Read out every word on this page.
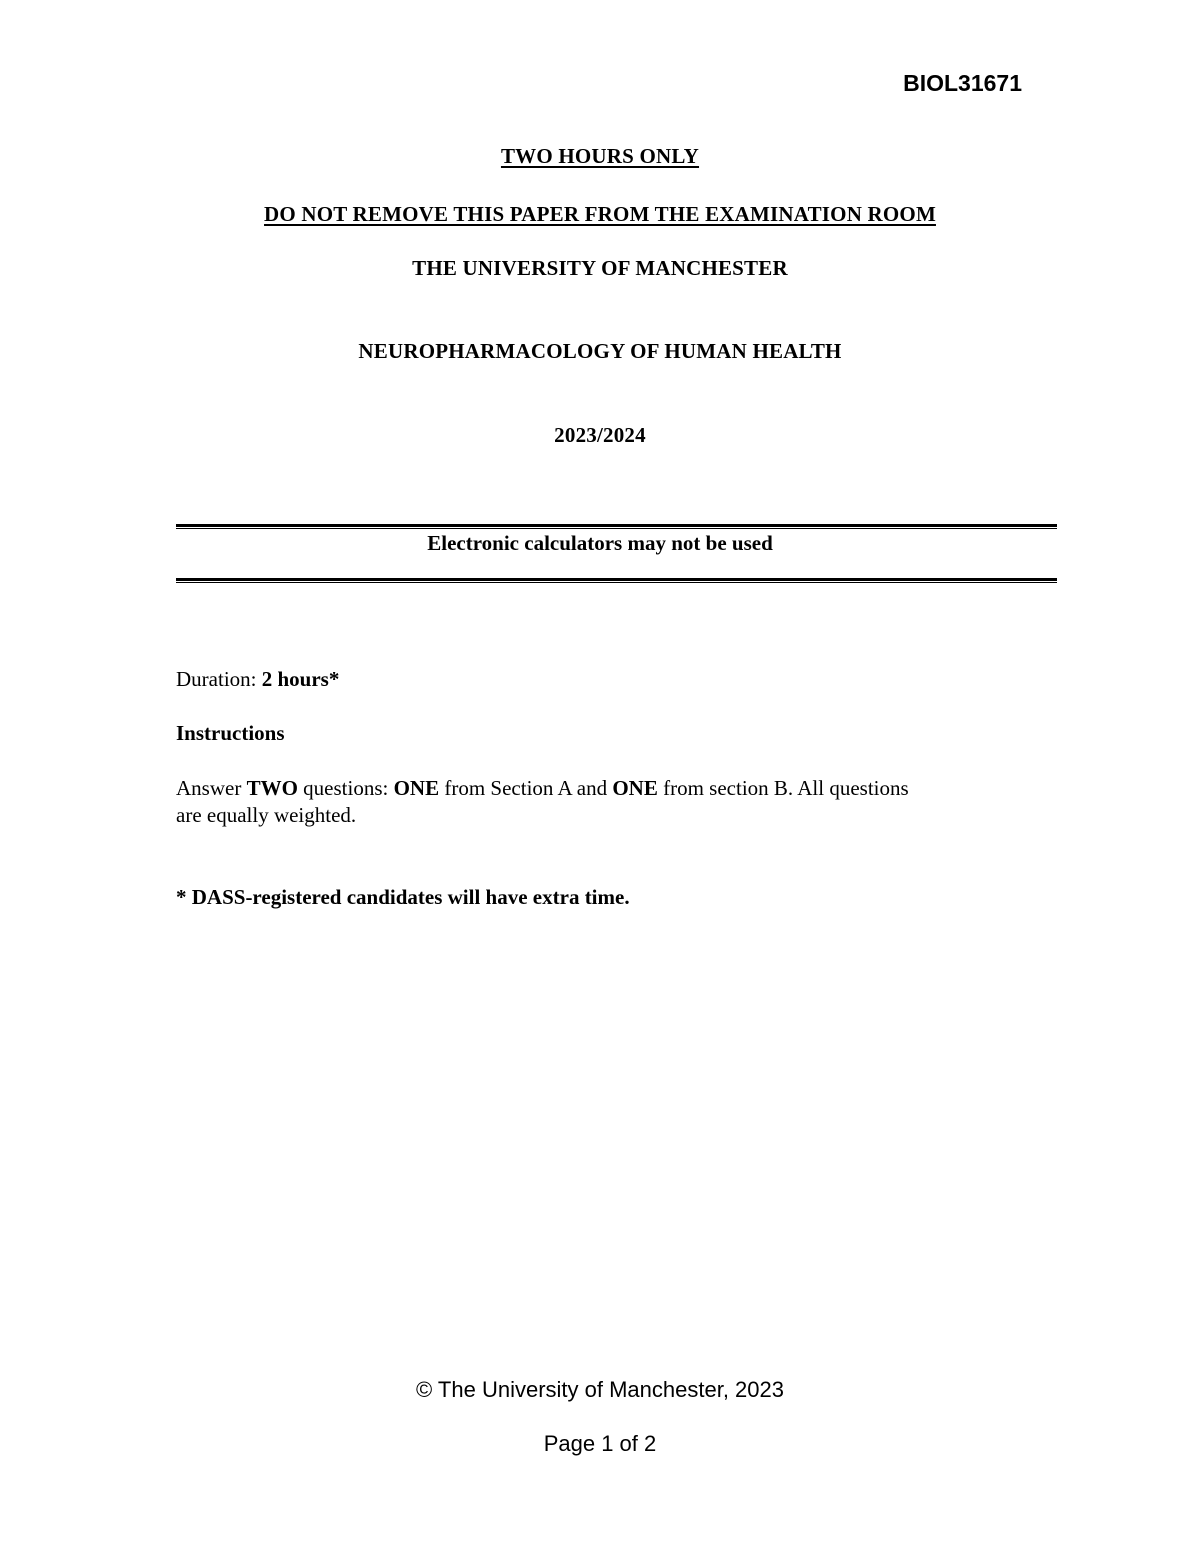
BIOL31671
TWO HOURS ONLY
DO NOT REMOVE THIS PAPER FROM THE EXAMINATION ROOM
THE UNIVERSITY OF MANCHESTER
NEUROPHARMACOLOGY OF HUMAN HEALTH
2023/2024
Electronic calculators may not be used
Duration: 2 hours*
Instructions
Answer TWO questions: ONE from Section A and ONE from section B. All questions
are equally weighted.
* DASS-registered candidates will have extra time.
© The University of Manchester, 2023
Page 1 of 2
